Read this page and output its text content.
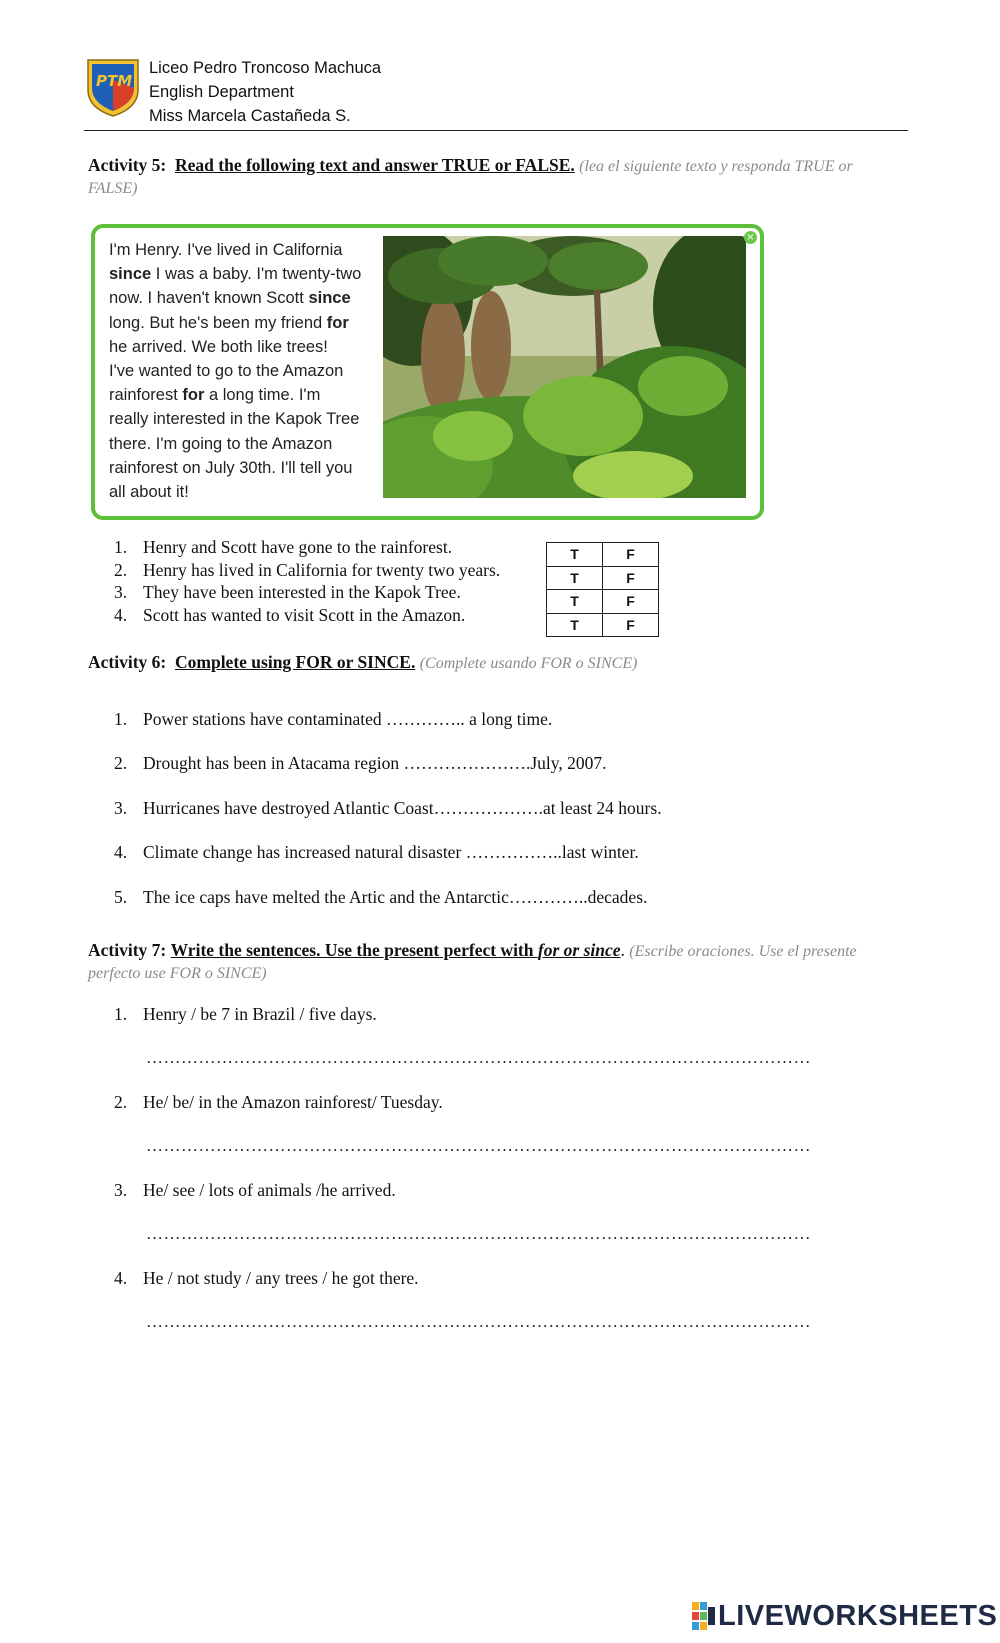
PTM
Liceo Pedro Troncoso Machuca
English Department
Miss Marcela Castañeda S.
Activity 5: Read the following text and answer TRUE or FALSE. (lea el siguiente texto y responda TRUE or FALSE)
I'm Henry. I've lived in California
since I was a baby. I'm twenty-two
now. I haven't known Scott since
long. But he's been my friend for
he arrived. We both like trees!
I've wanted to go to the Amazon
rainforest for a long time. I'm
really interested in the Kapok Tree
there. I'm going to the Amazon
rainforest on July 30th. I'll tell you
all about it!
×
1. Henry and Scott have gone to the rainforest.
2. Henry has lived in California for twenty two years.
3. They have been interested in the Kapok Tree.
4. Scott has wanted to visit Scott in the Amazon.
T	F
T	F
T	F
T	F
Activity 6: Complete using FOR or SINCE. (Complete usando FOR o SINCE)
1. Power stations have contaminated ………….. a long time.
2. Drought has been in Atacama region ………………….July, 2007.
3. Hurricanes have destroyed Atlantic Coast……………….at least 24 hours.
4. Climate change has increased natural disaster ……………..last winter.
5. The ice caps have melted the Artic and the Antarctic…………..decades.
Activity 7: Write the sentences. Use the present perfect with for or since. (Escribe oraciones. Use el presente perfecto use FOR o SINCE)
1. Henry / be 7 in Brazil / five days.
2. He/ be/ in the Amazon rainforest/ Tuesday.
3. He/ see / lots of animals /he arrived.
4. He / not study / any trees / he got there.
……………………………………………………………………………………………………
……………………………………………………………………………………………………
……………………………………………………………………………………………………
……………………………………………………………………………………………………
LIVEWORKSHEETS
